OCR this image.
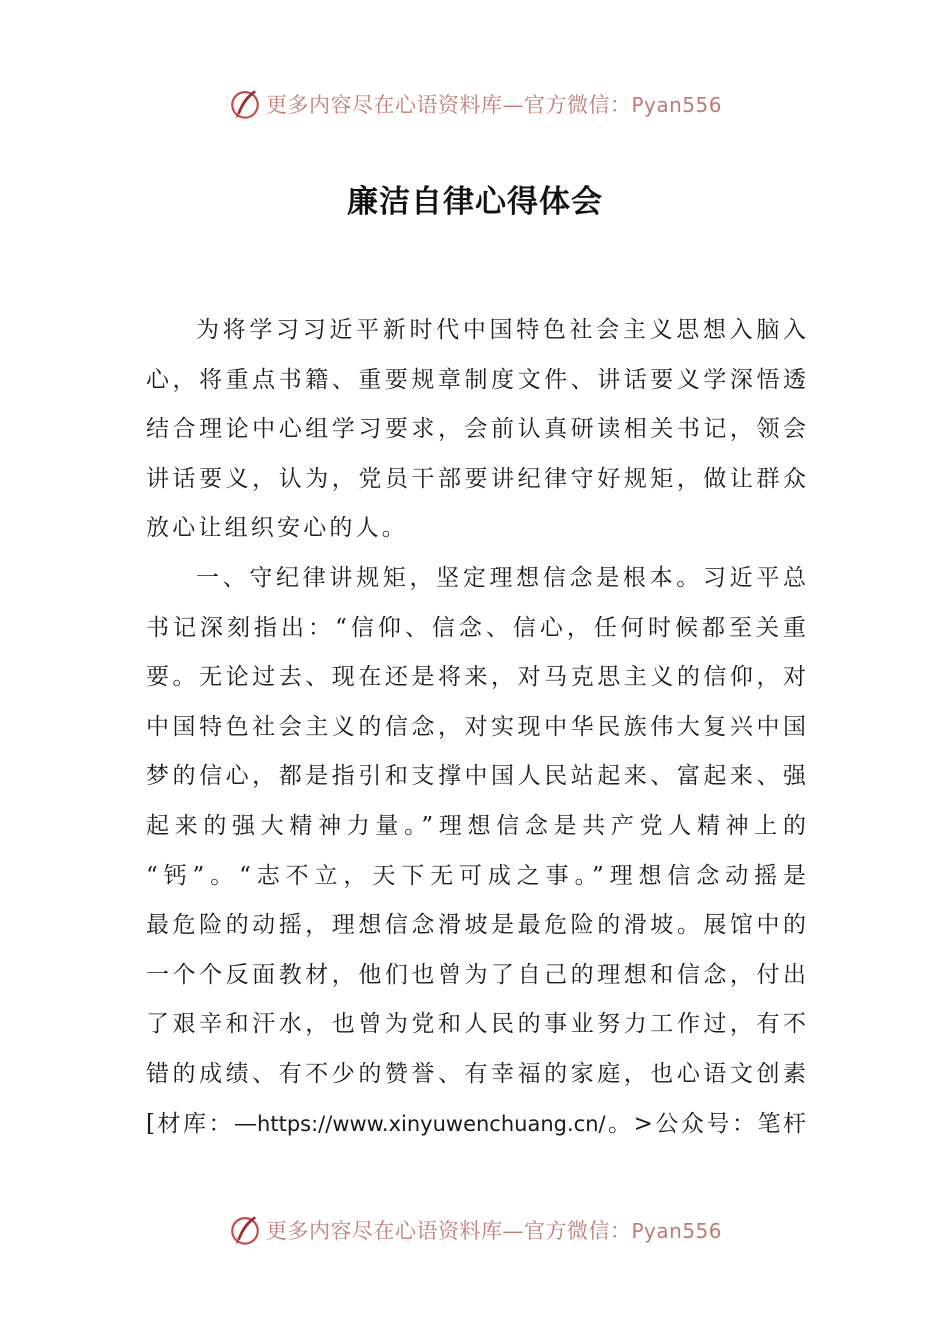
更多内容尽在心语资料库—官方微信：Pyan556
廉洁自律心得体会
为将学习习近平新时代中国特色社会主义思想入脑入
心，将重点书籍、重要规章制度文件、讲话要义学深悟透
结合理论中心组学习要求，会前认真研读相关书记，领会
讲话要义，认为，党员干部要讲纪律守好规矩，做让群众
放心让组织安心的人。
一、守纪律讲规矩，坚定理想信念是根本。习近平总
书记深刻指出：“信仰、信念、信心，任何时候都至关重
要。无论过去、现在还是将来，对马克思主义的信仰，对
中国特色社会主义的信念，对实现中华民族伟大复兴中国
梦的信心，都是指引和支撑中国人民站起来、富起来、强
起来的强大精神力量。”理想信念是共产党人精神上的
“钙”。“志不立，天下无可成之事。”理想信念动摇是
最危险的动摇，理想信念滑坡是最危险的滑坡。展馆中的
一个个反面教材，他们也曾为了自己的理想和信念，付出
了艰辛和汗水，也曾为党和人民的事业努力工作过，有不
错的成绩、有不少的赞誉、有幸福的家庭，也心语文创素
[材库：—https://www.xinyuwenchuang.cn/。>公众号：笔杆
更多内容尽在心语资料库—官方微信：Pyan556
